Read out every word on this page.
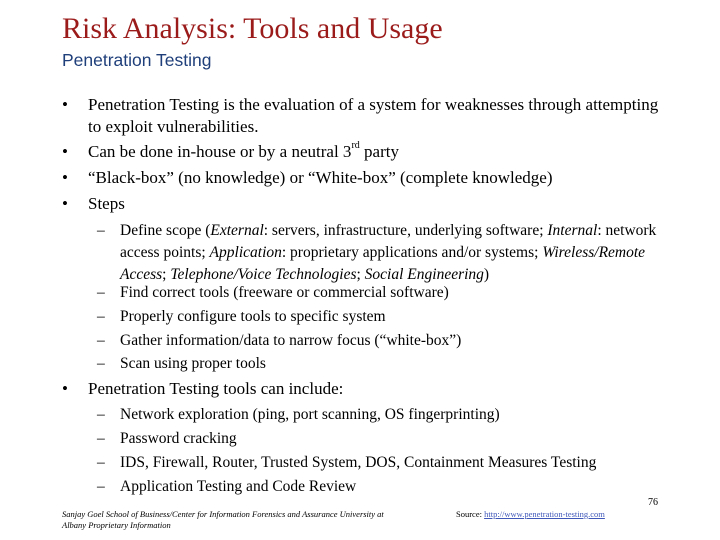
Risk Analysis: Tools and Usage
Penetration Testing
• Penetration Testing is the evaluation of a system for weaknesses through attempting to exploit vulnerabilities.
• Can be done in-house or by a neutral 3rd party
• “Black-box” (no knowledge) or “White-box” (complete knowledge)
• Steps
– Define scope (External: servers, infrastructure, underlying software; Internal: network access points; Application: proprietary applications and/or systems; Wireless/Remote Access; Telephone/Voice Technologies; Social Engineering)
– Find correct tools (freeware or commercial software)
– Properly configure tools to specific system
– Gather information/data to narrow focus (“white-box”)
– Scan using proper tools
• Penetration Testing tools can include:
– Network exploration (ping, port scanning, OS fingerprinting)
– Password cracking
– IDS, Firewall, Router, Trusted System, DOS, Containment Measures Testing
– Application Testing and Code Review
Sanjay Goel School of Business/Center for Information Forensics and Assurance University at Albany Proprietary Information
Source: http://www.penetration-testing.com
76
